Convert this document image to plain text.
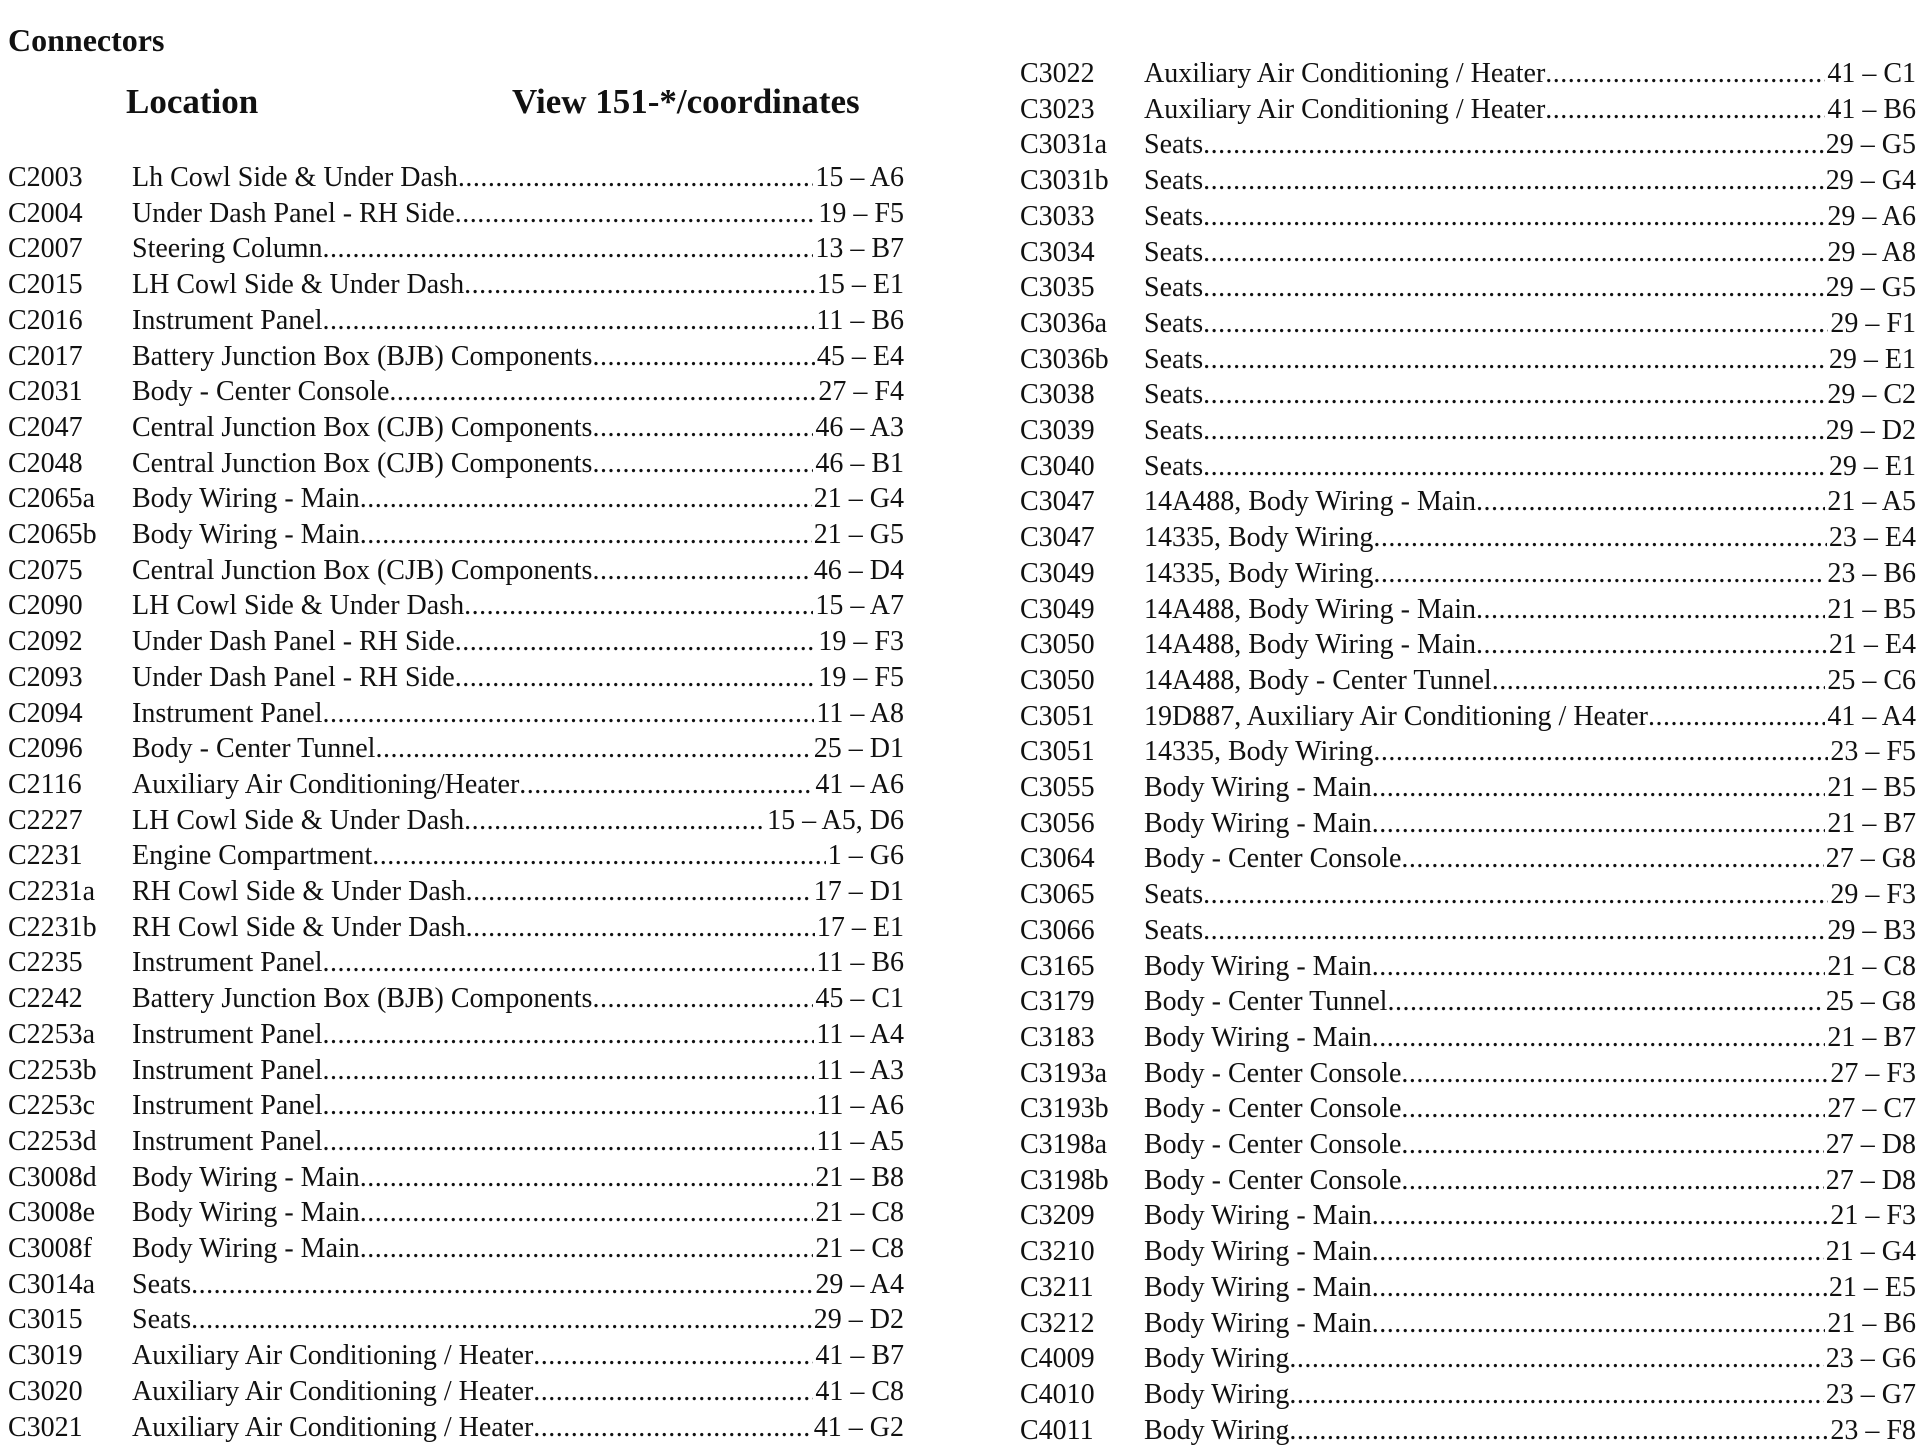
Connectors
Location	View 151-*/coordinates
C2003	Lh Cowl Side & Under Dash .....	15 – A6
C2004	Under Dash Panel - RH Side .....	19 – F5
C2007	Steering Column .....	13 – B7
C2015	LH Cowl Side & Under Dash .....	15 – E1
C2016	Instrument Panel .....	11 – B6
C2017	Battery Junction Box (BJB) Components .....	45 – E4
C2031	Body - Center Console .....	27 – F4
C2047	Central Junction Box (CJB) Components .....	46 – A3
C2048	Central Junction Box (CJB) Components .....	46 – B1
C2065a	Body Wiring - Main .....	21 – G4
C2065b	Body Wiring - Main .....	21 – G5
C2075	Central Junction Box (CJB) Components .....	46 – D4
C2090	LH Cowl Side & Under Dash .....	15 – A7
C2092	Under Dash Panel - RH Side .....	19 – F3
C2093	Under Dash Panel - RH Side .....	19 – F5
C2094	Instrument Panel .....	11 – A8
C2096	Body - Center Tunnel .....	25 – D1
C2116	Auxiliary Air Conditioning/Heater .....	41 – A6
C2227	LH Cowl Side & Under Dash .....	15 – A5, D6
C2231	Engine Compartment .....	1 – G6
C2231a	RH Cowl Side & Under Dash .....	17 – D1
C2231b	RH Cowl Side & Under Dash .....	17 – E1
C2235	Instrument Panel .....	11 – B6
C2242	Battery Junction Box (BJB) Components .....	45 – C1
C2253a	Instrument Panel .....	11 – A4
C2253b	Instrument Panel .....	11 – A3
C2253c	Instrument Panel .....	11 – A6
C2253d	Instrument Panel .....	11 – A5
C3008d	Body Wiring - Main .....	21 – B8
C3008e	Body Wiring - Main .....	21 – C8
C3008f	Body Wiring - Main .....	21 – C8
C3014a	Seats .....	29 – A4
C3015	Seats .....	29 – D2
C3019	Auxiliary Air Conditioning / Heater .....	41 – B7
C3020	Auxiliary Air Conditioning / Heater .....	41 – C8
C3021	Auxiliary Air Conditioning / Heater .....	41 – G2
C3022	Auxiliary Air Conditioning / Heater .....	41 – C1
C3023	Auxiliary Air Conditioning / Heater .....	41 – B6
C3031a	Seats .....	29 – G5
C3031b	Seats .....	29 – G4
C3033	Seats .....	29 – A6
C3034	Seats .....	29 – A8
C3035	Seats .....	29 – G5
C3036a	Seats .....	29 – F1
C3036b	Seats .....	29 – E1
C3038	Seats .....	29 – C2
C3039	Seats .....	29 – D2
C3040	Seats .....	29 – E1
C3047	14A488, Body Wiring - Main .....	21 – A5
C3047	14335, Body Wiring .....	23 – E4
C3049	14335, Body Wiring .....	23 – B6
C3049	14A488, Body Wiring - Main .....	21 – B5
C3050	14A488, Body Wiring - Main .....	21 – E4
C3050	14A488, Body - Center Tunnel .....	25 – C6
C3051	19D887, Auxiliary Air Conditioning / Heater .....	41 – A4
C3051	14335, Body Wiring .....	23 – F5
C3055	Body Wiring - Main .....	21 – B5
C3056	Body Wiring - Main .....	21 – B7
C3064	Body - Center Console .....	27 – G8
C3065	Seats .....	29 – F3
C3066	Seats .....	29 – B3
C3165	Body Wiring - Main .....	21 – C8
C3179	Body - Center Tunnel .....	25 – G8
C3183	Body Wiring - Main .....	21 – B7
C3193a	Body - Center Console .....	27 – F3
C3193b	Body - Center Console .....	27 – C7
C3198a	Body - Center Console .....	27 – D8
C3198b	Body - Center Console .....	27 – D8
C3209	Body Wiring - Main .....	21 – F3
C3210	Body Wiring - Main .....	21 – G4
C3211	Body Wiring - Main .....	21 – E5
C3212	Body Wiring - Main .....	21 – B6
C4009	Body Wiring .....	23 – G6
C4010	Body Wiring .....	23 – G7
C4011	Body Wiring .....	23 – F8
